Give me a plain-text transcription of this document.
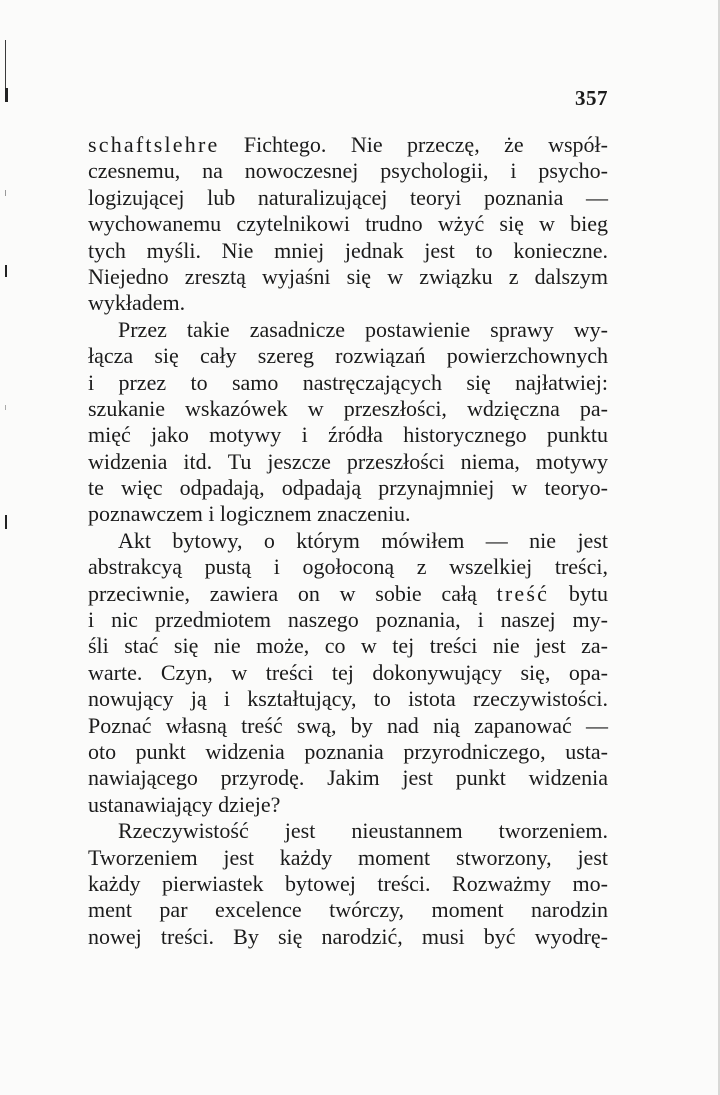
357
schaftslehre Fichtego. Nie przeczę, że współ-
czesnemu, na nowoczesnej psychologii, i psycho-
logizującej lub naturalizującej teoryi poznania —
wychowanemu czytelnikowi trudno wżyć się w bieg
tych myśli. Nie mniej jednak jest to konieczne.
Niejedno zresztą wyjaśni się w związku z dalszym
wykładem.
Przez takie zasadnicze postawienie sprawy wy-
łącza się cały szereg rozwiązań powierzchownych
i przez to samo nastręczających się najłatwiej:
szukanie wskazówek w przeszłości, wdzięczna pa-
mięć jako motywy i źródła historycznego punktu
widzenia itd. Tu jeszcze przeszłości niema, motywy
te więc odpadają, odpadają przynajmniej w teoryo-
poznawczem i logicznem znaczeniu.
Akt bytowy, o którym mówiłem — nie jest
abstrakcyą pustą i ogołoconą z wszelkiej treści,
przeciwnie, zawiera on w sobie całą treść bytu
i nic przedmiotem naszego poznania, i naszej my-
śli stać się nie może, co w tej treści nie jest za-
warte. Czyn, w treści tej dokonywujący się, opa-
nowujący ją i kształtujący, to istota rzeczywistości.
Poznać własną treść swą, by nad nią zapanować —
oto punkt widzenia poznania przyrodniczego, usta-
nawiającego przyrodę. Jakim jest punkt widzenia
ustanawiający dzieje?
Rzeczywistość jest nieustannem tworzeniem.
Tworzeniem jest każdy moment stworzony, jest
każdy pierwiastek bytowej treści. Rozważmy mo-
ment par excelence twórczy, moment narodzin
nowej treści. By się narodzić, musi być wyodrę-
